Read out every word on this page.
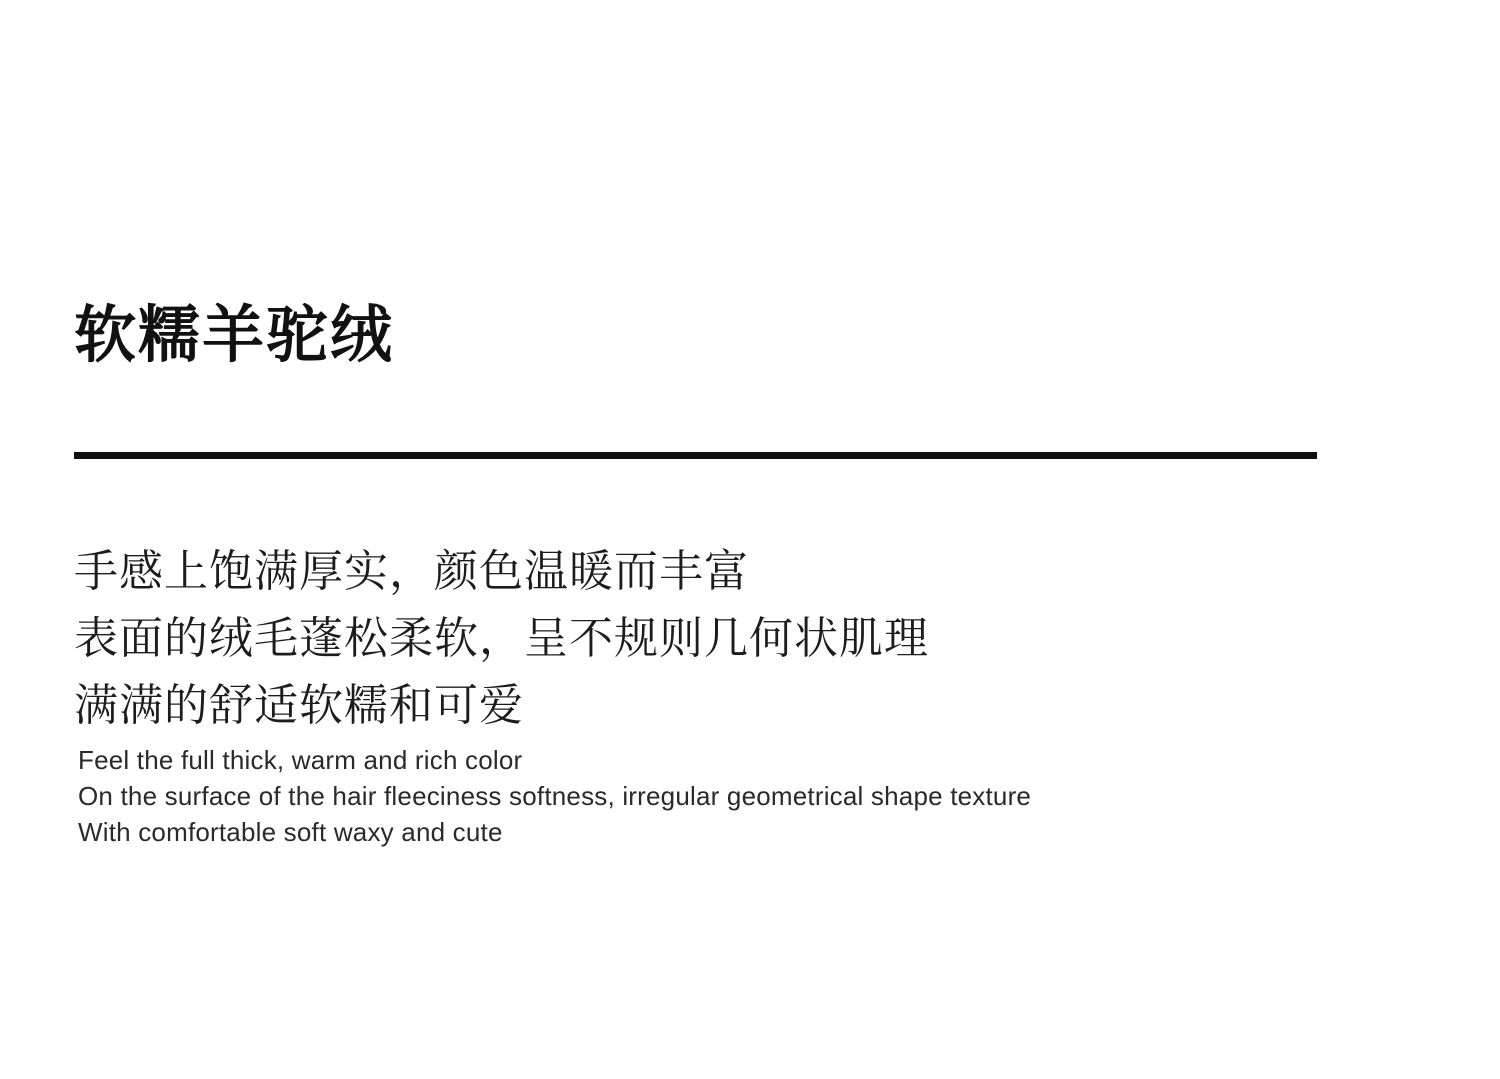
软糯羊驼绒
手感上饱满厚实，颜色温暖而丰富
表面的绒毛蓬松柔软，呈不规则几何状肌理
满满的舒适软糯和可爱
Feel the full thick, warm and rich color
On the surface of the hair fleeciness softness, irregular geometrical shape texture
With comfortable soft waxy and cute
